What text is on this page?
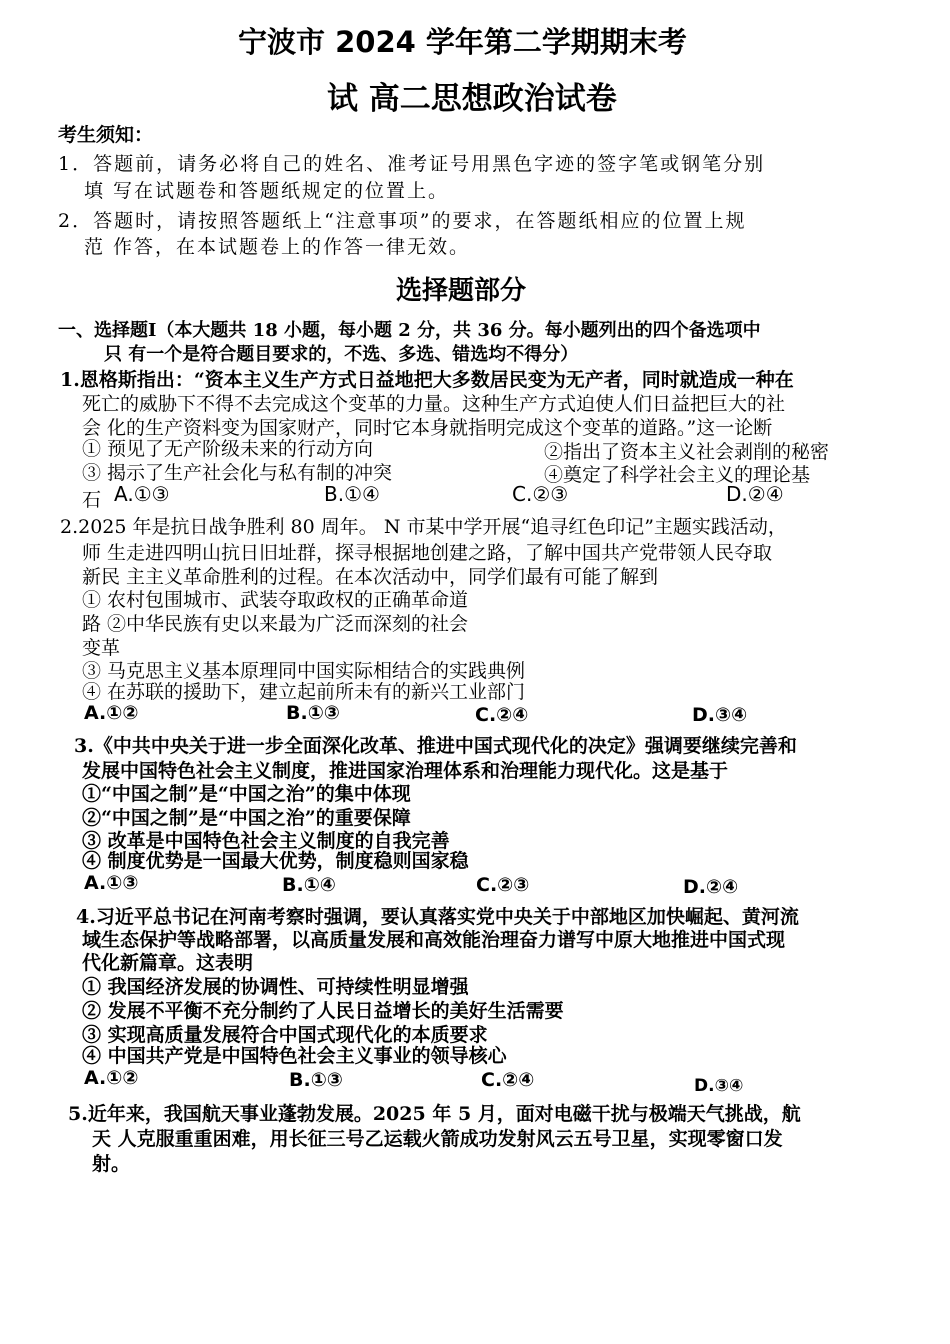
宁波市 2024 学年第二学期期末考
试 高二思想政治试卷
考生须知：
1．答题前，请务必将自己的姓名、准考证号用黑色字迹的签字笔或钢笔分别
填 写在试题卷和答题纸规定的位置上。
2．答题时，请按照答题纸上“注意事项”的要求，在答题纸相应的位置上规
范 作答，在本试题卷上的作答一律无效。
选择题部分
一、选择题Ⅰ（本大题共 18 小题，每小题 2 分，共 36 分。每小题列出的四个备选项中
只 有一个是符合题目要求的，不选、多选、错选均不得分）
1.恩格斯指出：“资本主义生产方式日益地把大多数居民变为无产者，同时就造成一种在
死亡的威胁下不得不去完成这个变革的力量。这种生产方式迫使人们日益把巨大的社
会 化的生产资料变为国家财产，同时它本身就指明完成这个变革的道路。”这一论断
① 预见了无产阶级未来的行动方向	②指出了资本主义社会剥削的秘密
③ 揭示了生产社会化与私有制的冲突	④奠定了科学社会主义的理论基
石 A.①③	B.①④	C.②③	D.②④
2.2025 年是抗日战争胜利 80 周年。 N 市某中学开展“追寻红色印记”主题实践活动，
师 生走进四明山抗日旧址群，探寻根据地创建之路，了解中国共产党带领人民夺取
新民 主主义革命胜利的过程。在本次活动中，同学们最有可能了解到
① 农村包围城市、武装夺取政权的正确革命道
路 ②中华民族有史以来最为广泛而深刻的社会
变革
③ 马克思主义基本原理同中国实际相结合的实践典例
④ 在苏联的援助下，建立起前所未有的新兴工业部门
A.①②	B.①③	C.②④	D.③④
3.《中共中央关于进一步全面深化改革、推进中国式现代化的决定》强调要继续完善和
发展中国特色社会主义制度，推进国家治理体系和治理能力现代化。这是基于
①“中国之制”是“中国之治”的集中体现
②“中国之制”是“中国之治”的重要保障
③ 改革是中国特色社会主义制度的自我完善
④ 制度优势是一国最大优势，制度稳则国家稳
A.①③	B.①④	C.②③	D.②④
4.习近平总书记在河南考察时强调，要认真落实党中央关于中部地区加快崛起、黄河流
域生态保护等战略部署，以高质量发展和高效能治理奋力谱写中原大地推进中国式现
代化新篇章。这表明
① 我国经济发展的协调性、可持续性明显增强
② 发展不平衡不充分制约了人民日益增长的美好生活需要
③ 实现高质量发展符合中国式现代化的本质要求
④ 中国共产党是中国特色社会主义事业的领导核心
A.①②	B.①③	C.②④	D.③④
5.近年来，我国航天事业蓬勃发展。2025 年 5 月，面对电磁干扰与极端天气挑战，航
天 人克服重重困难，用长征三号乙运载火箭成功发射风云五号卫星，实现零窗口发
射。
